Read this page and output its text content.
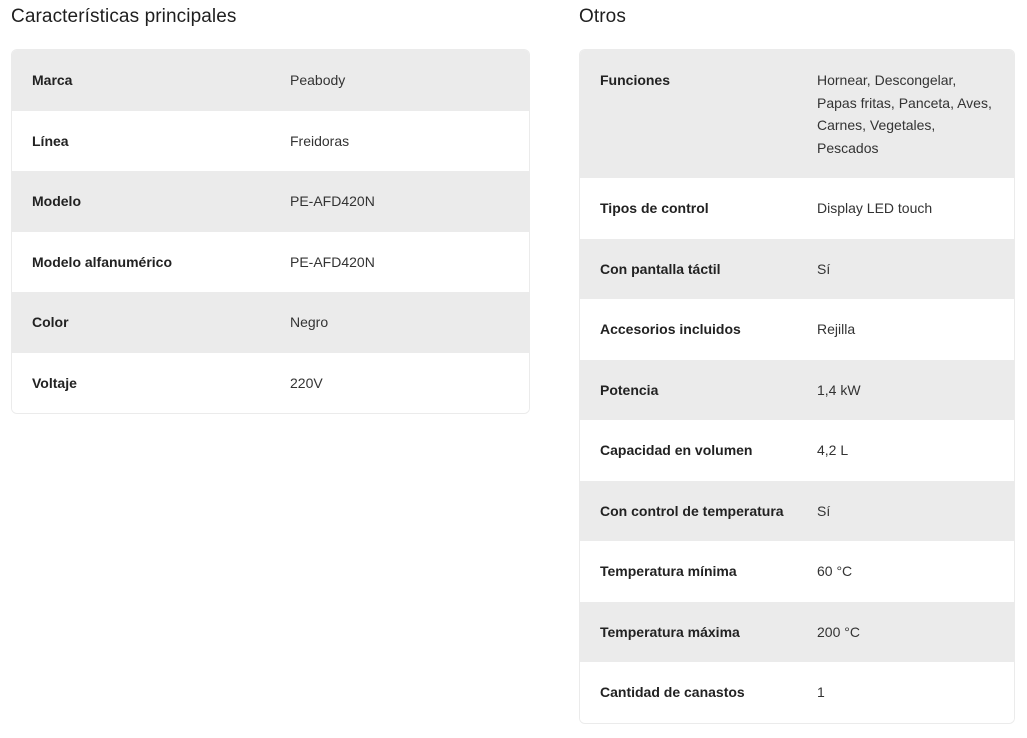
Características principales
Marca	Peabody
Línea	Freidoras
Modelo	PE-AFD420N
Modelo alfanumérico	PE-AFD420N
Color	Negro
Voltaje	220V
Otros
Funciones	Hornear, Descongelar, Papas fritas, Panceta, Aves, Carnes, Vegetales, Pescados
Tipos de control	Display LED touch
Con pantalla táctil	Sí
Accesorios incluidos	Rejilla
Potencia	1,4 kW
Capacidad en volumen	4,2 L
Con control de temperatura	Sí
Temperatura mínima	60 °C
Temperatura máxima	200 °C
Cantidad de canastos	1
